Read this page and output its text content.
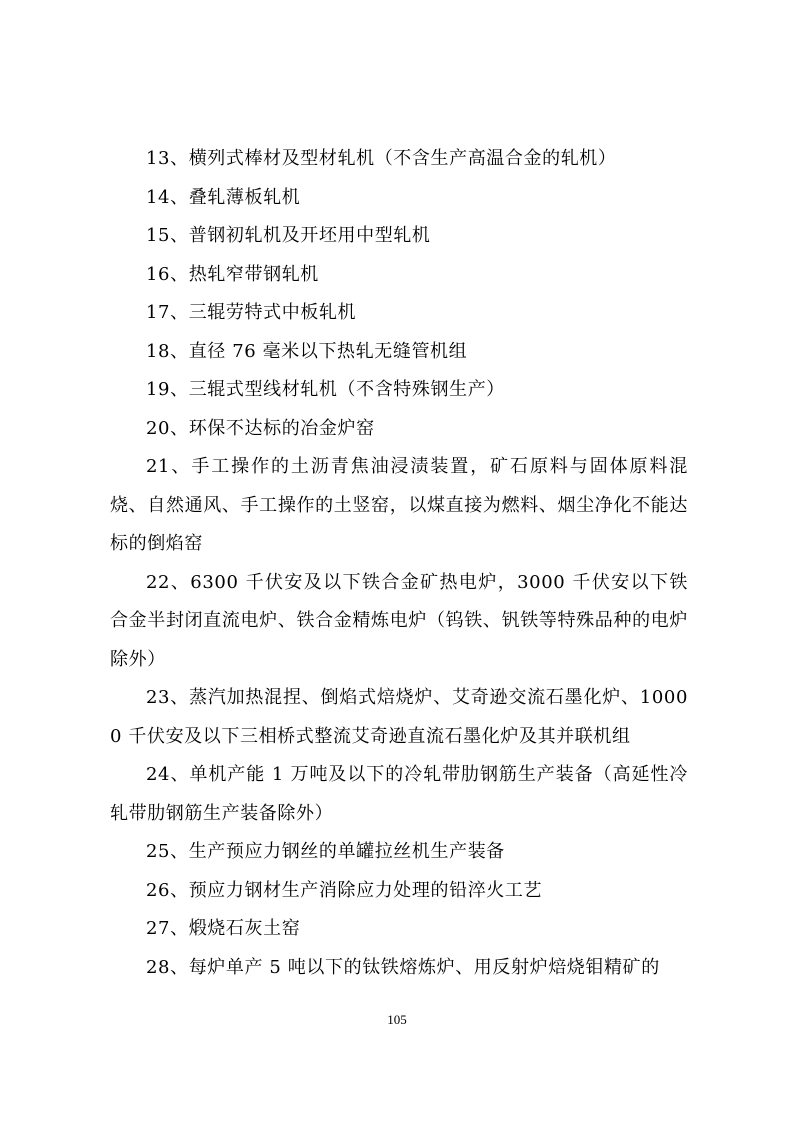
13、横列式棒材及型材轧机（不含生产高温合金的轧机）

14、叠轧薄板轧机

15、普钢初轧机及开坯用中型轧机

16、热轧窄带钢轧机

17、三辊劳特式中板轧机

18、直径 76 毫米以下热轧无缝管机组

19、三辊式型线材轧机（不含特殊钢生产）

20、环保不达标的冶金炉窑

21、手工操作的土沥青焦油浸渍装置，矿石原料与固体原料混烧、自然通风、手工操作的土竖窑，以煤直接为燃料、烟尘净化不能达标的倒焰窑

22、6300 千伏安及以下铁合金矿热电炉，3000 千伏安以下铁合金半封闭直流电炉、铁合金精炼电炉（钨铁、钒铁等特殊品种的电炉除外）

23、蒸汽加热混捏、倒焰式焙烧炉、艾奇逊交流石墨化炉、10000 千伏安及以下三相桥式整流艾奇逊直流石墨化炉及其并联机组

24、单机产能 1 万吨及以下的冷轧带肋钢筋生产装备（高延性冷轧带肋钢筋生产装备除外）

25、生产预应力钢丝的单罐拉丝机生产装备

26、预应力钢材生产消除应力处理的铅淬火工艺

27、煅烧石灰土窑

28、每炉单产 5 吨以下的钛铁熔炼炉、用反射炉焙烧钼精矿的

105
